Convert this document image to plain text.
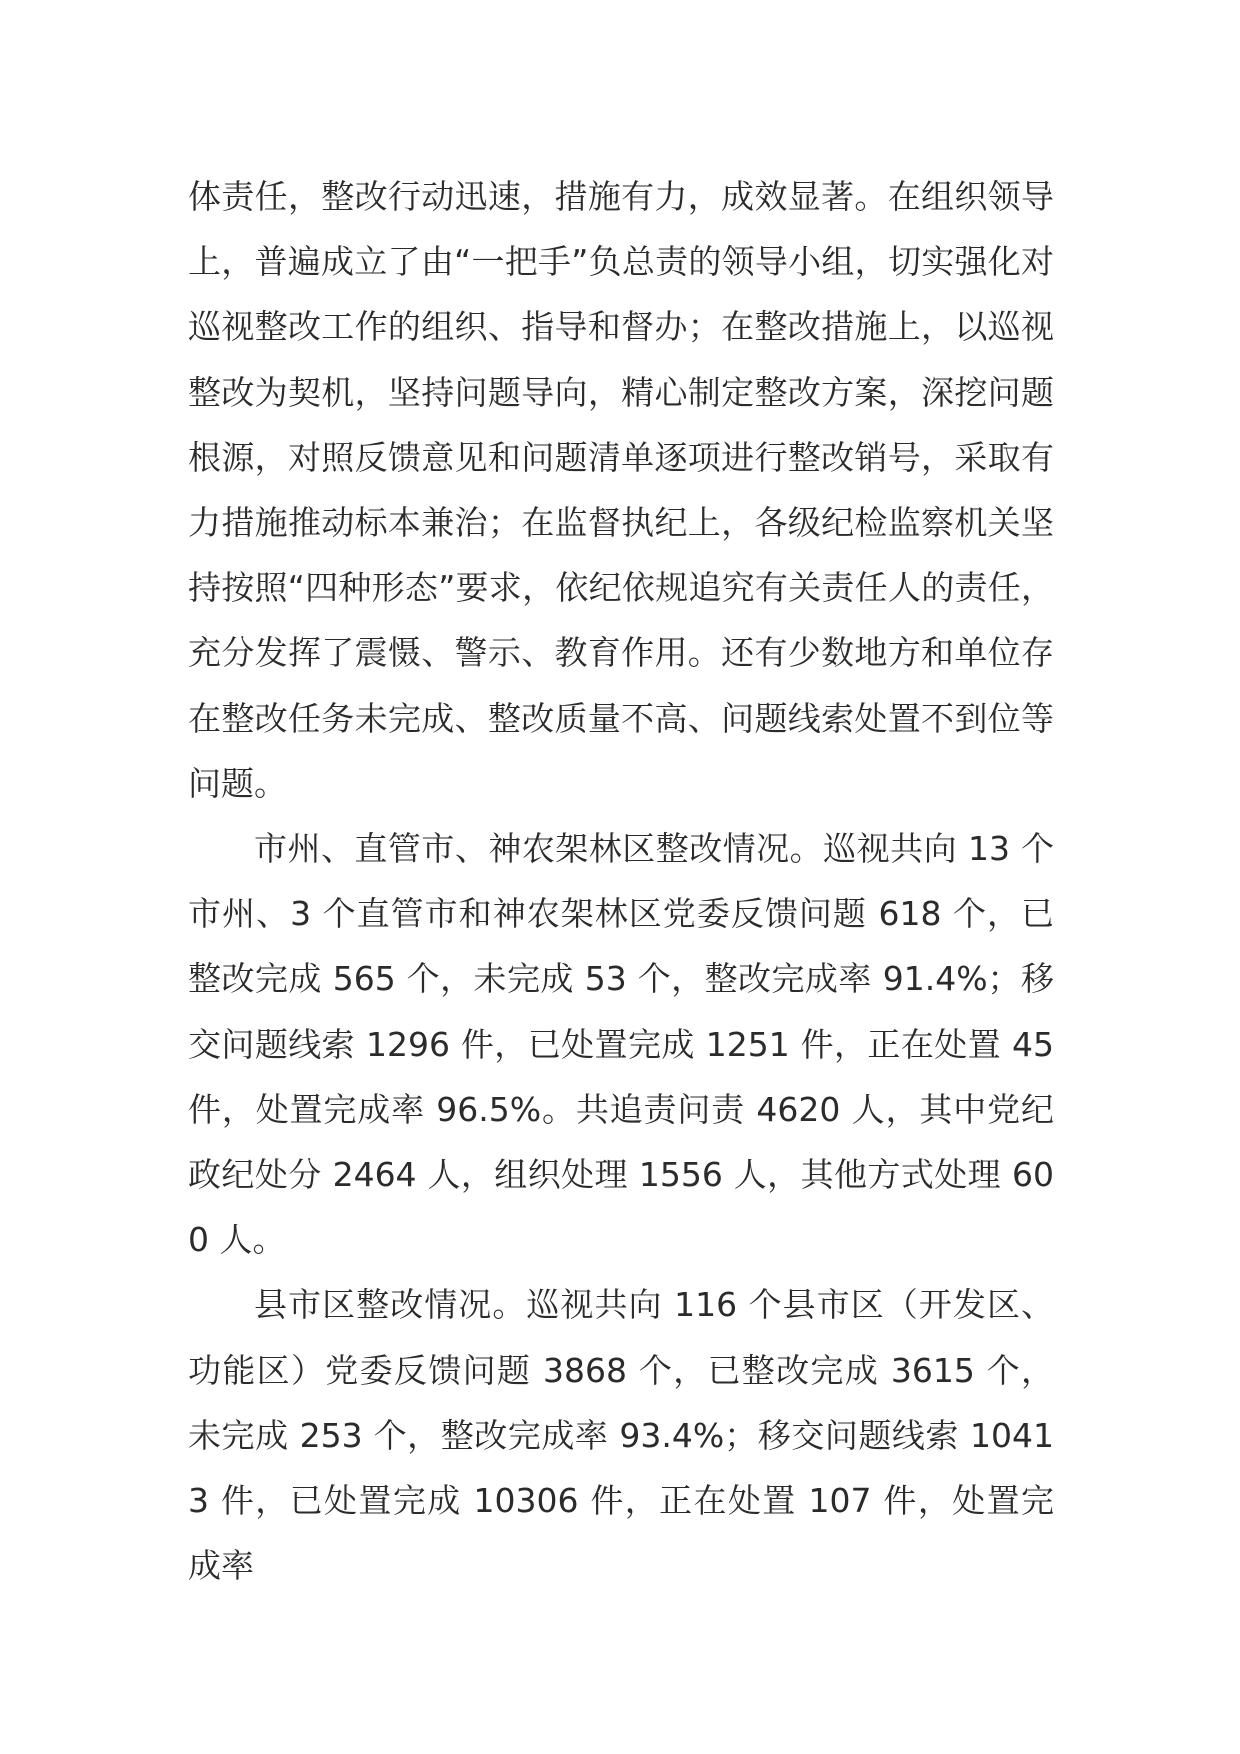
体责任，整改行动迅速，措施有力，成效显著。在组织领导上，普遍成立了由“一把手”负总责的领导小组，切实强化对巡视整改工作的组织、指导和督办；在整改措施上，以巡视整改为契机，坚持问题导向，精心制定整改方案，深挖问题根源，对照反馈意见和问题清单逐项进行整改销号，采取有力措施推动标本兼治；在监督执纪上，各级纪检监察机关坚持按照“四种形态”要求，依纪依规追究有关责任人的责任，充分发挥了震慑、警示、教育作用。还有少数地方和单位存在整改任务未完成、整改质量不高、问题线索处置不到位等问题。

市州、直管市、神农架林区整改情况。巡视共向 13 个市州、3 个直管市和神农架林区党委反馈问题 618 个，已整改完成 565 个，未完成 53 个，整改完成率 91.4%；移交问题线索 1296 件，已处置完成 1251 件，正在处置 45 件，处置完成率 96.5%。共追责问责 4620 人，其中党纪政纪处分 2464 人，组织处理 1556 人，其他方式处理 600 人。

县市区整改情况。巡视共向 116 个县市区（开发区、功能区）党委反馈问题 3868 个，已整改完成 3615 个，未完成 253 个，整改完成率 93.4%；移交问题线索 10413 件，已处置完成 10306 件，正在处置 107 件，处置完成率
